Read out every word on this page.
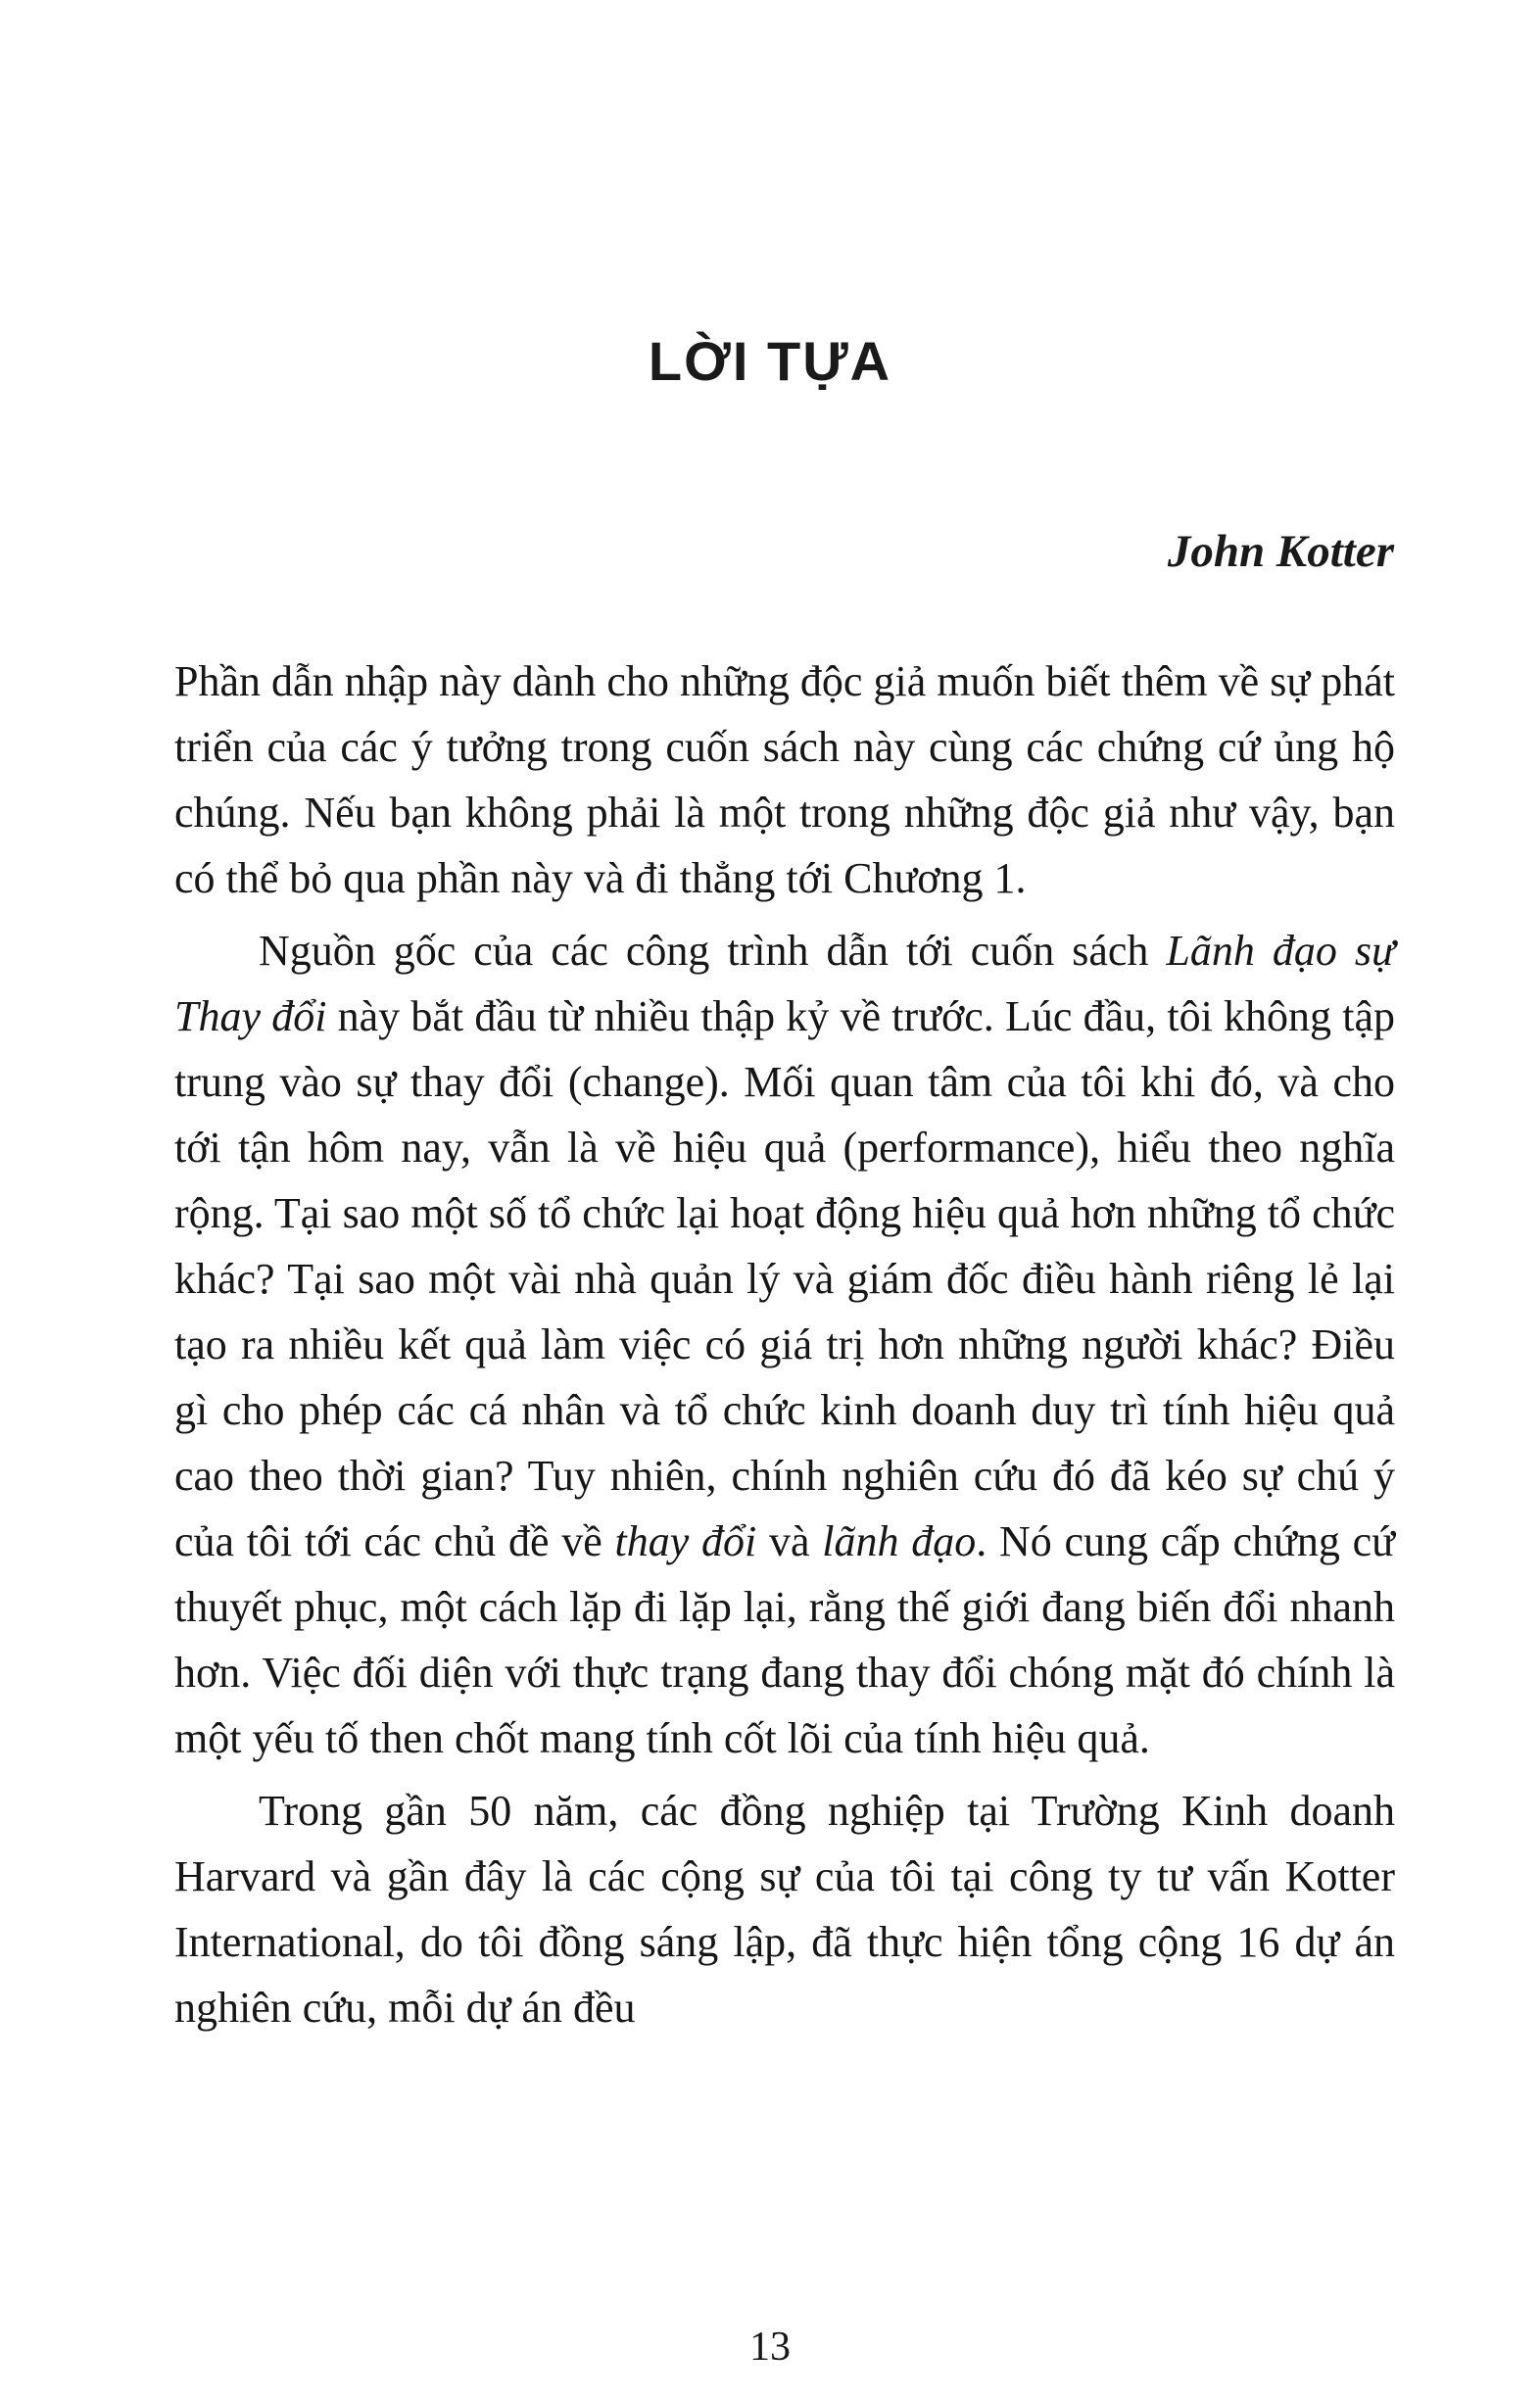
LỜI TỰA
John Kotter

Phần dẫn nhập này dành cho những độc giả muốn biết thêm về sự phát triển của các ý tưởng trong cuốn sách này cùng các chứng cứ ủng hộ chúng. Nếu bạn không phải là một trong những độc giả như vậy, bạn có thể bỏ qua phần này và đi thẳng tới Chương 1.

Nguồn gốc của các công trình dẫn tới cuốn sách Lãnh đạo sự Thay đổi này bắt đầu từ nhiều thập kỷ về trước. Lúc đầu, tôi không tập trung vào sự thay đổi (change). Mối quan tâm của tôi khi đó, và cho tới tận hôm nay, vẫn là về hiệu quả (performance), hiểu theo nghĩa rộng. Tại sao một số tổ chức lại hoạt động hiệu quả hơn những tổ chức khác? Tại sao một vài nhà quản lý và giám đốc điều hành riêng lẻ lại tạo ra nhiều kết quả làm việc có giá trị hơn những người khác? Điều gì cho phép các cá nhân và tổ chức kinh doanh duy trì tính hiệu quả cao theo thời gian? Tuy nhiên, chính nghiên cứu đó đã kéo sự chú ý của tôi tới các chủ đề về thay đổi và lãnh đạo. Nó cung cấp chứng cứ thuyết phục, một cách lặp đi lặp lại, rằng thế giới đang biến đổi nhanh hơn. Việc đối diện với thực trạng đang thay đổi chóng mặt đó chính là một yếu tố then chốt mang tính cốt lõi của tính hiệu quả.

Trong gần 50 năm, các đồng nghiệp tại Trường Kinh doanh Harvard và gần đây là các cộng sự của tôi tại công ty tư vấn Kotter International, do tôi đồng sáng lập, đã thực hiện tổng cộng 16 dự án nghiên cứu, mỗi dự án đều

13
